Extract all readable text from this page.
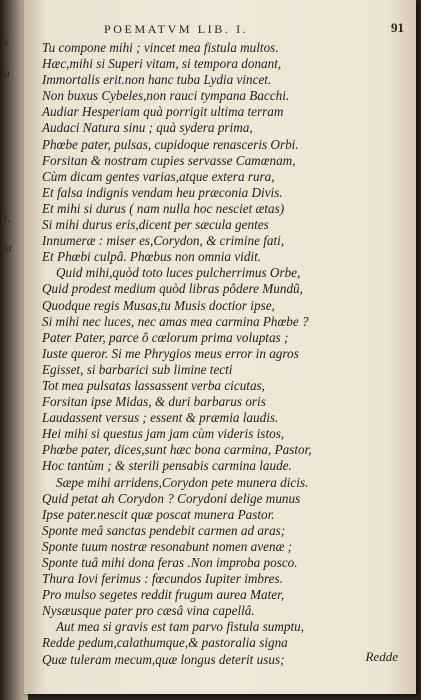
s
a
ı,
st
POEMATVM LIB. I.	91
Tu compone mihi ; vincet mea fistula multos.
Hæc,mihi si Superi vitam, si tempora donant,
Immortalis erit.non hanc tuba Lydia vincet.
Non buxus Cybeles,non rauci tympana Bacchi.
Audiar Hesperiam quà porrigit ultima terram
Audaci Natura sinu ; quà sydera prima,
Phœbe pater, pulsas, cupidoque renasceris Orbi.
Forsitan & nostram cupies servasse Camœnam,
Cùm dicam gentes varias,atque extera rura,
Et falsa indignis vendam heu præconia Divis.
Et mihi si durus ( nam nulla hoc nesciet ætas)
Si mihi durus eris,dicent per sæcula gentes
Innumeræ : miser es,Corydon, & crimine fati,
Et Phœbi culpâ. Phœbus non omnia vidit.
Quid mihi,quòd toto luces pulcherrimus Orbe,
Quid prodest medium quòd libras pôdere Mundũ,
Quodque regis Musas,tu Musis doctior ipse,
Si mihi nec luces, nec amas mea carmina Phœbe ?
Pater Pater, parce ô cœlorum prima voluptas ;
Iuste queror. Si me Phrygios meus error in agros
Egisset, si barbarici sub limine tecti
Tot mea pulsatas lassassent verba cicutas,
Forsitan ipse Midas, & duri barbarus oris
Laudassent versus ; essent & præmia laudis.
Hei mihi si questus jam jam cùm videris istos,
Phœbe pater, dices,sunt hæc bona carmina, Pastor,
Hoc tantùm ; & sterili pensabis carmina laude.
Sæpe mihi arridens,Corydon pete munera dicis.
Quid petat ah Corydon ? Corydoni delige munus
Ipse pater.nescit quæ poscat munera Pastor.
Sponte meâ sanctas pendebit carmen ad aras;
Sponte tuum nostræ resonabunt nomen avenæ ;
Sponte tuâ mihi dona feras .Non improba posco.
Thura Iovi ferimus : fœcundos Iupiter imbres.
Pro mulso segetes reddit frugum aurea Mater,
Nysæusque pater pro cæsâ vina capellâ.
Aut mea si gravis est tam parvo fistula sumptu,
Redde pedum,calathumque,& pastoralia signa
Quæ tuleram mecum,quæ longus deterit usus;	Redde
